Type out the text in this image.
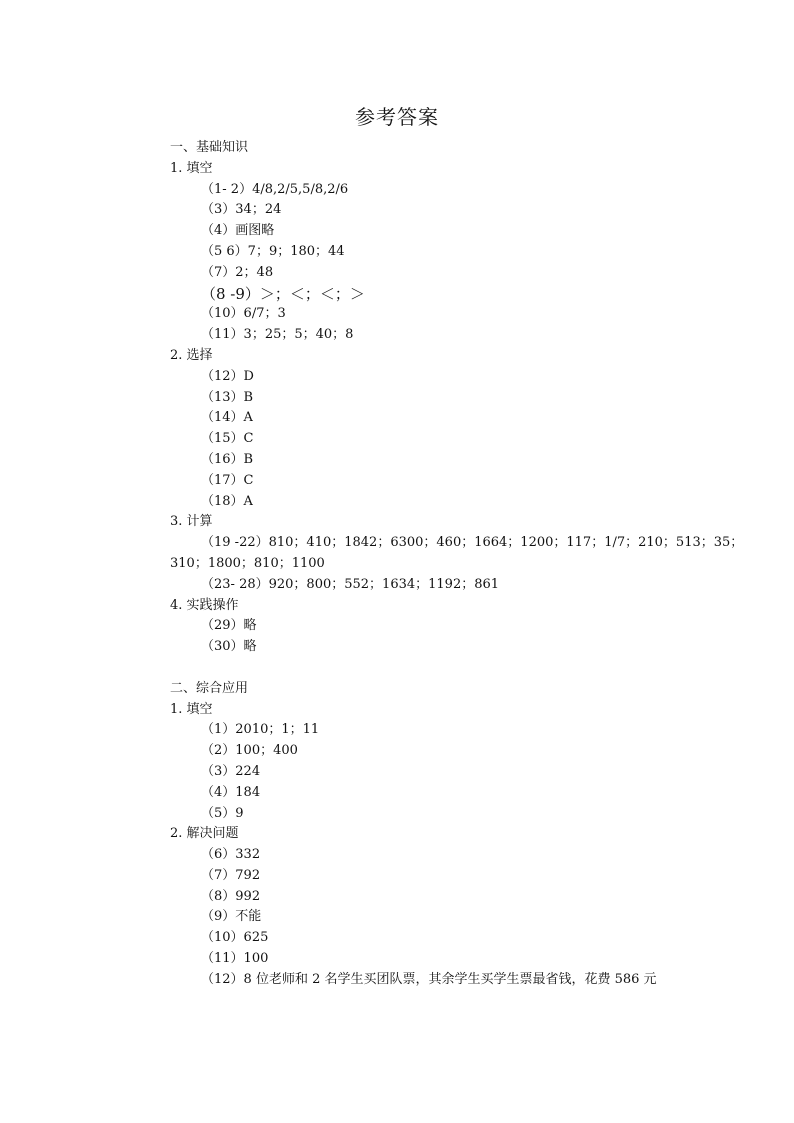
参考答案
一、基础知识
1. 填空
（1- 2）4/8,2/5,5/8,2/6
（3）34；24
（4）画图略
（5 6）7；9；180；44
（7）2；48
（8 -9）＞；＜；＜；＞
（10）6/7；3
（11）3；25；5；40；8
2. 选择
（12）D
（13）B
（14）A
（15）C
（16）B
（17）C
（18）A
3. 计算
（19 -22）810；410；1842；6300；460；1664；1200；117；1/7；210；513；35；
310；1800；810；1100
（23- 28）920；800；552；1634；1192；861
4. 实践操作
（29）略
（30）略
二、综合应用
1. 填空
（1）2010；1；11
（2）100；400
（3）224
（4）184
（5）9
2. 解决问题
（6）332
（7）792
（8）992
（9）不能
（10）625
（11）100
（12）8 位老师和 2 名学生买团队票，其余学生买学生票最省钱，花费 586 元
